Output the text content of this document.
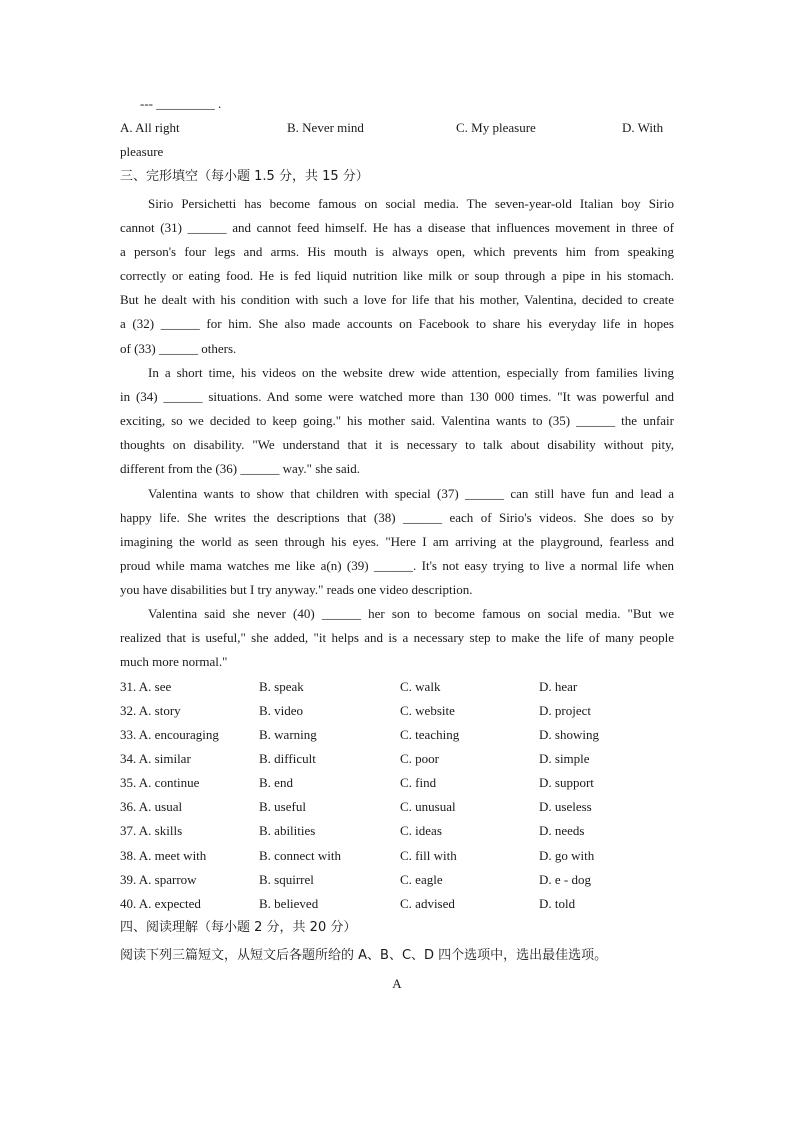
--- _________ .
A. All right	B. Never mind	C. My pleasure	D. With
pleasure
三、完形填空（每小题 1.5 分，共 15 分）
Sirio Persichetti has become famous on social media. The seven-year-old Italian boy Sirio
cannot (31) ______ and cannot feed himself. He has a disease that influences movement in three of
a person's four legs and arms. His mouth is always open, which prevents him from speaking
correctly or eating food. He is fed liquid nutrition like milk or soup through a pipe in his stomach.
But he dealt with his condition with such a love for life that his mother, Valentina, decided to create
a (32) ______ for him. She also made accounts on Facebook to share his everyday life in hopes
of (33) ______ others.
In a short time, his videos on the website drew wide attention, especially from families living
in (34) ______ situations. And some were watched more than 130 000 times. "It was powerful and
exciting, so we decided to keep going." his mother said. Valentina wants to (35) ______ the unfair
thoughts on disability. "We understand that it is necessary to talk about disability without pity,
different from the (36) ______ way." she said.
Valentina wants to show that children with special (37) ______ can still have fun and lead a
happy life. She writes the descriptions that (38) ______ each of Sirio's videos. She does so by
imagining the world as seen through his eyes. "Here I am arriving at the playground, fearless and
proud while mama watches me like a(n) (39) ______. It's not easy trying to live a normal life when
you have disabilities but I try anyway." reads one video description.
Valentina said she never (40) ______ her son to become famous on social media. "But we
realized that is useful," she added, "it helps and is a necessary step to make the life of many people
much more normal."
31. A. see	B. speak	C. walk	D. hear
32. A. story	B. video	C. website	D. project
33. A. encouraging	B. warning	C. teaching	D. showing
34. A. similar	B. difficult	C. poor	D. simple
35. A. continue	B. end	C. find	D. support
36. A. usual	B. useful	C. unusual	D. useless
37. A. skills	B. abilities	C. ideas	D. needs
38. A. meet with	B. connect with	C. fill with	D. go with
39. A. sparrow	B. squirrel	C. eagle	D. e - dog
40. A. expected	B. believed	C. advised	D. told
四、阅读理解（每小题 2 分，共 20 分）
阅读下列三篇短文，从短文后各题所给的 A、B、C、D 四个选项中，选出最佳选项。
A
